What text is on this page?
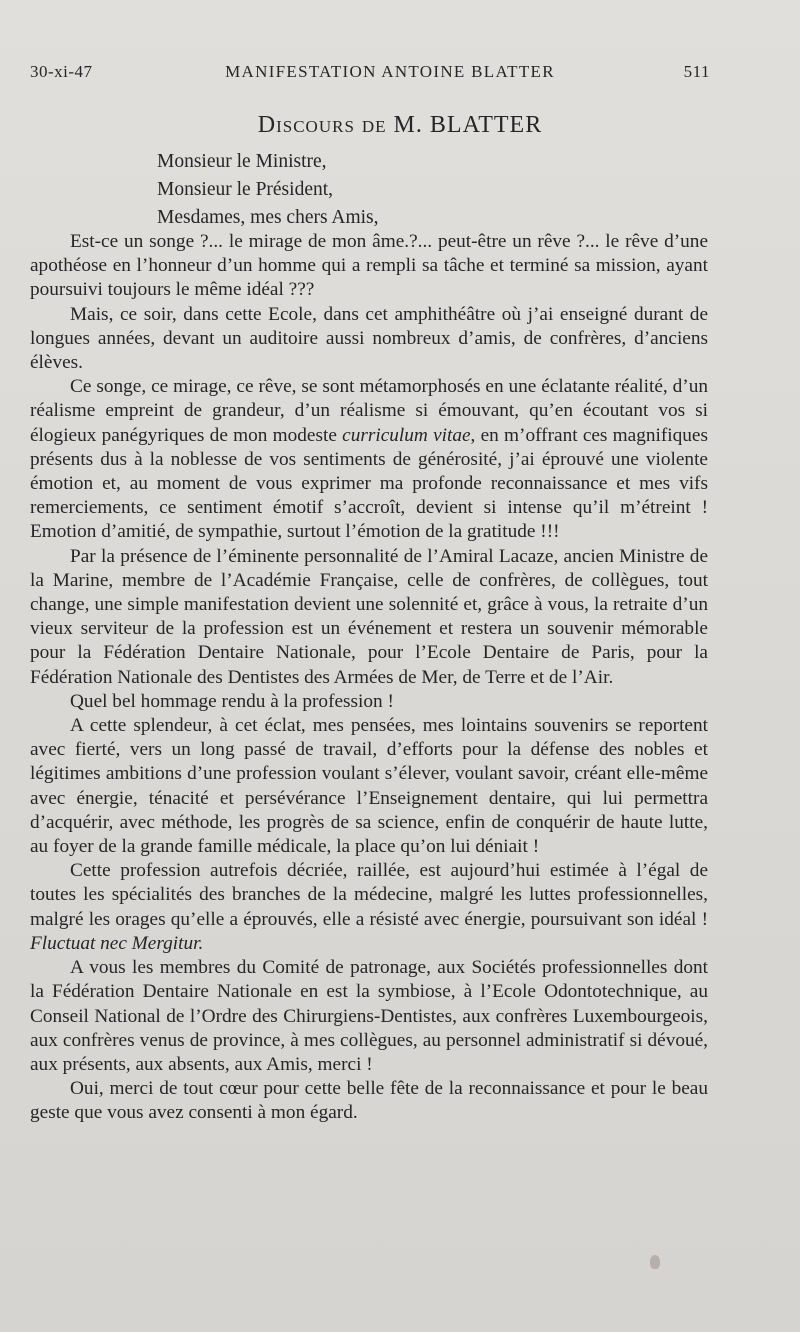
30-xi-47	MANIFESTATION ANTOINE BLATTER	511
Discours de M. BLATTER
Monsieur le Ministre,
Monsieur le Président,
Mesdames, mes chers Amis,

Est-ce un songe ?... le mirage de mon âme.?... peut-être un rêve ?... le rêve d’une apothéose en l’honneur d’un homme qui a rempli sa tâche et terminé sa mission, ayant poursuivi toujours le même idéal ???

Mais, ce soir, dans cette Ecole, dans cet amphithéâtre où j’ai enseigné durant de longues années, devant un auditoire aussi nombreux d’amis, de confrères, d’anciens élèves.

Ce songe, ce mirage, ce rêve, se sont métamorphosés en une éclatante réalité, d’un réalisme empreint de grandeur, d’un réalisme si émouvant, qu’en écoutant vos si élogieux panégyriques de mon modeste curriculum vitae, en m’offrant ces magnifiques présents dus à la noblesse de vos sentiments de générosité, j’ai éprouvé une violente émotion et, au moment de vous exprimer ma profonde reconnaissance et mes vifs remerciements, ce sentiment émotif s’accroît, devient si intense qu’il m’étreint ! Emotion d’amitié, de sympathie, surtout l’émotion de la gratitude !!!

Par la présence de l’éminente personnalité de l’Amiral Lacaze, ancien Ministre de la Marine, membre de l’Académie Française, celle de confrères, de collègues, tout change, une simple manifestation devient une solennité et, grâce à vous, la retraite d’un vieux serviteur de la profession est un événement et restera un souvenir mémorable pour la Fédération Dentaire Nationale, pour l’Ecole Dentaire de Paris, pour la Fédération Nationale des Dentistes des Armées de Mer, de Terre et de l’Air.

Quel bel hommage rendu à la profession !

A cette splendeur, à cet éclat, mes pensées, mes lointains souvenirs se reportent avec fierté, vers un long passé de travail, d’efforts pour la défense des nobles et légitimes ambitions d’une profession voulant s’élever, voulant savoir, créant elle-même avec énergie, ténacité et persévérance l’Enseignement dentaire, qui lui permettra d’acquérir, avec méthode, les progrès de sa science, enfin de conquérir de haute lutte, au foyer de la grande famille médicale, la place qu’on lui déniait !

Cette profession autrefois décriée, raillée, est aujourd’hui estimée à l’égal de toutes les spécialités des branches de la médecine, malgré les luttes professionnelles, malgré les orages qu’elle a éprouvés, elle a résisté avec énergie, poursuivant son idéal ! Fluctuat nec Mergitur.

A vous les membres du Comité de patronage, aux Sociétés professionnelles dont la Fédération Dentaire Nationale en est la symbiose, à l’Ecole Odontotechnique, au Conseil National de l’Ordre des Chirurgiens-Dentistes, aux confrères Luxembourgeois, aux confrères venus de province, à mes collègues, au personnel administratif si dévoué, aux présents, aux absents, aux Amis, merci !

Oui, merci de tout cœur pour cette belle fête de la reconnaissance et pour le beau geste que vous avez consenti à mon égard.
